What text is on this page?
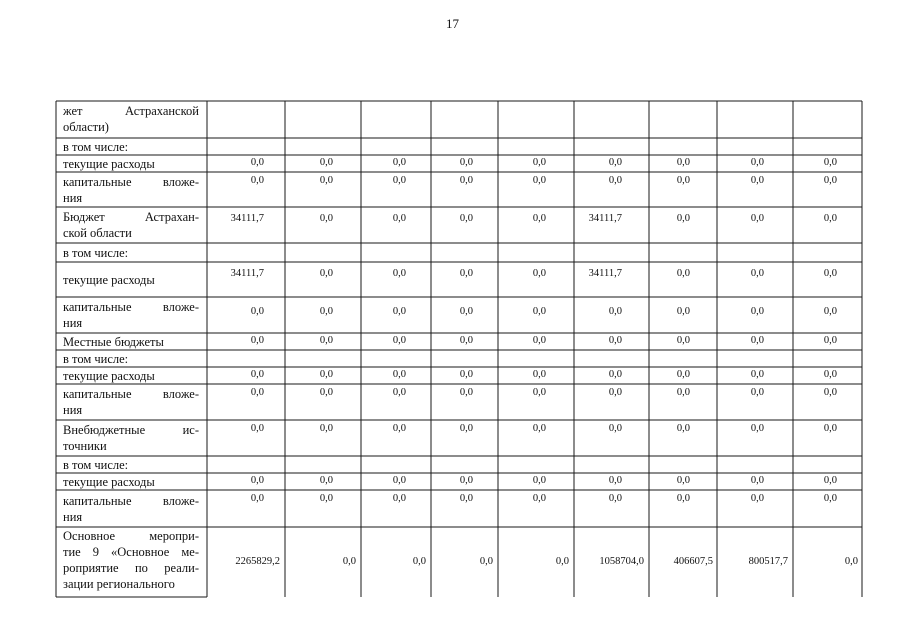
17
жет Астраханской
области)
в том числе:
текущие расходы	0,0	0,0	0,0	0,0	0,0	0,0	0,0	0,0	0,0
капитальные вложе-
ния
0,0	0,0	0,0	0,0	0,0	0,0	0,0	0,0	0,0
Бюджет Астрахан-
ской области
34111,7	0,0	0,0	0,0	0,0	34111,7	0,0	0,0	0,0
в том числе:
текущие расходы	34111,7	0,0	0,0	0,0	0,0	34111,7	0,0	0,0	0,0
капитальные вложе-
ния
0,0	0,0	0,0	0,0	0,0	0,0	0,0	0,0	0,0
Местные бюджеты	0,0	0,0	0,0	0,0	0,0	0,0	0,0	0,0	0,0
в том числе:
текущие расходы	0,0	0,0	0,0	0,0	0,0	0,0	0,0	0,0	0,0
капитальные вложе-
ния
0,0	0,0	0,0	0,0	0,0	0,0	0,0	0,0	0,0
Внебюджетные ис-
точники
0,0	0,0	0,0	0,0	0,0	0,0	0,0	0,0	0,0
в том числе:
текущие расходы	0,0	0,0	0,0	0,0	0,0	0,0	0,0	0,0	0,0
капитальные вложе-
ния
0,0	0,0	0,0	0,0	0,0	0,0	0,0	0,0	0,0
Основное меропри-
тие 9 «Основное ме-
роприятие по реали-
зации регионального
2265829,2	0,0	0,0	0,0	0,0	1058704,0	406607,5	800517,7	0,0
